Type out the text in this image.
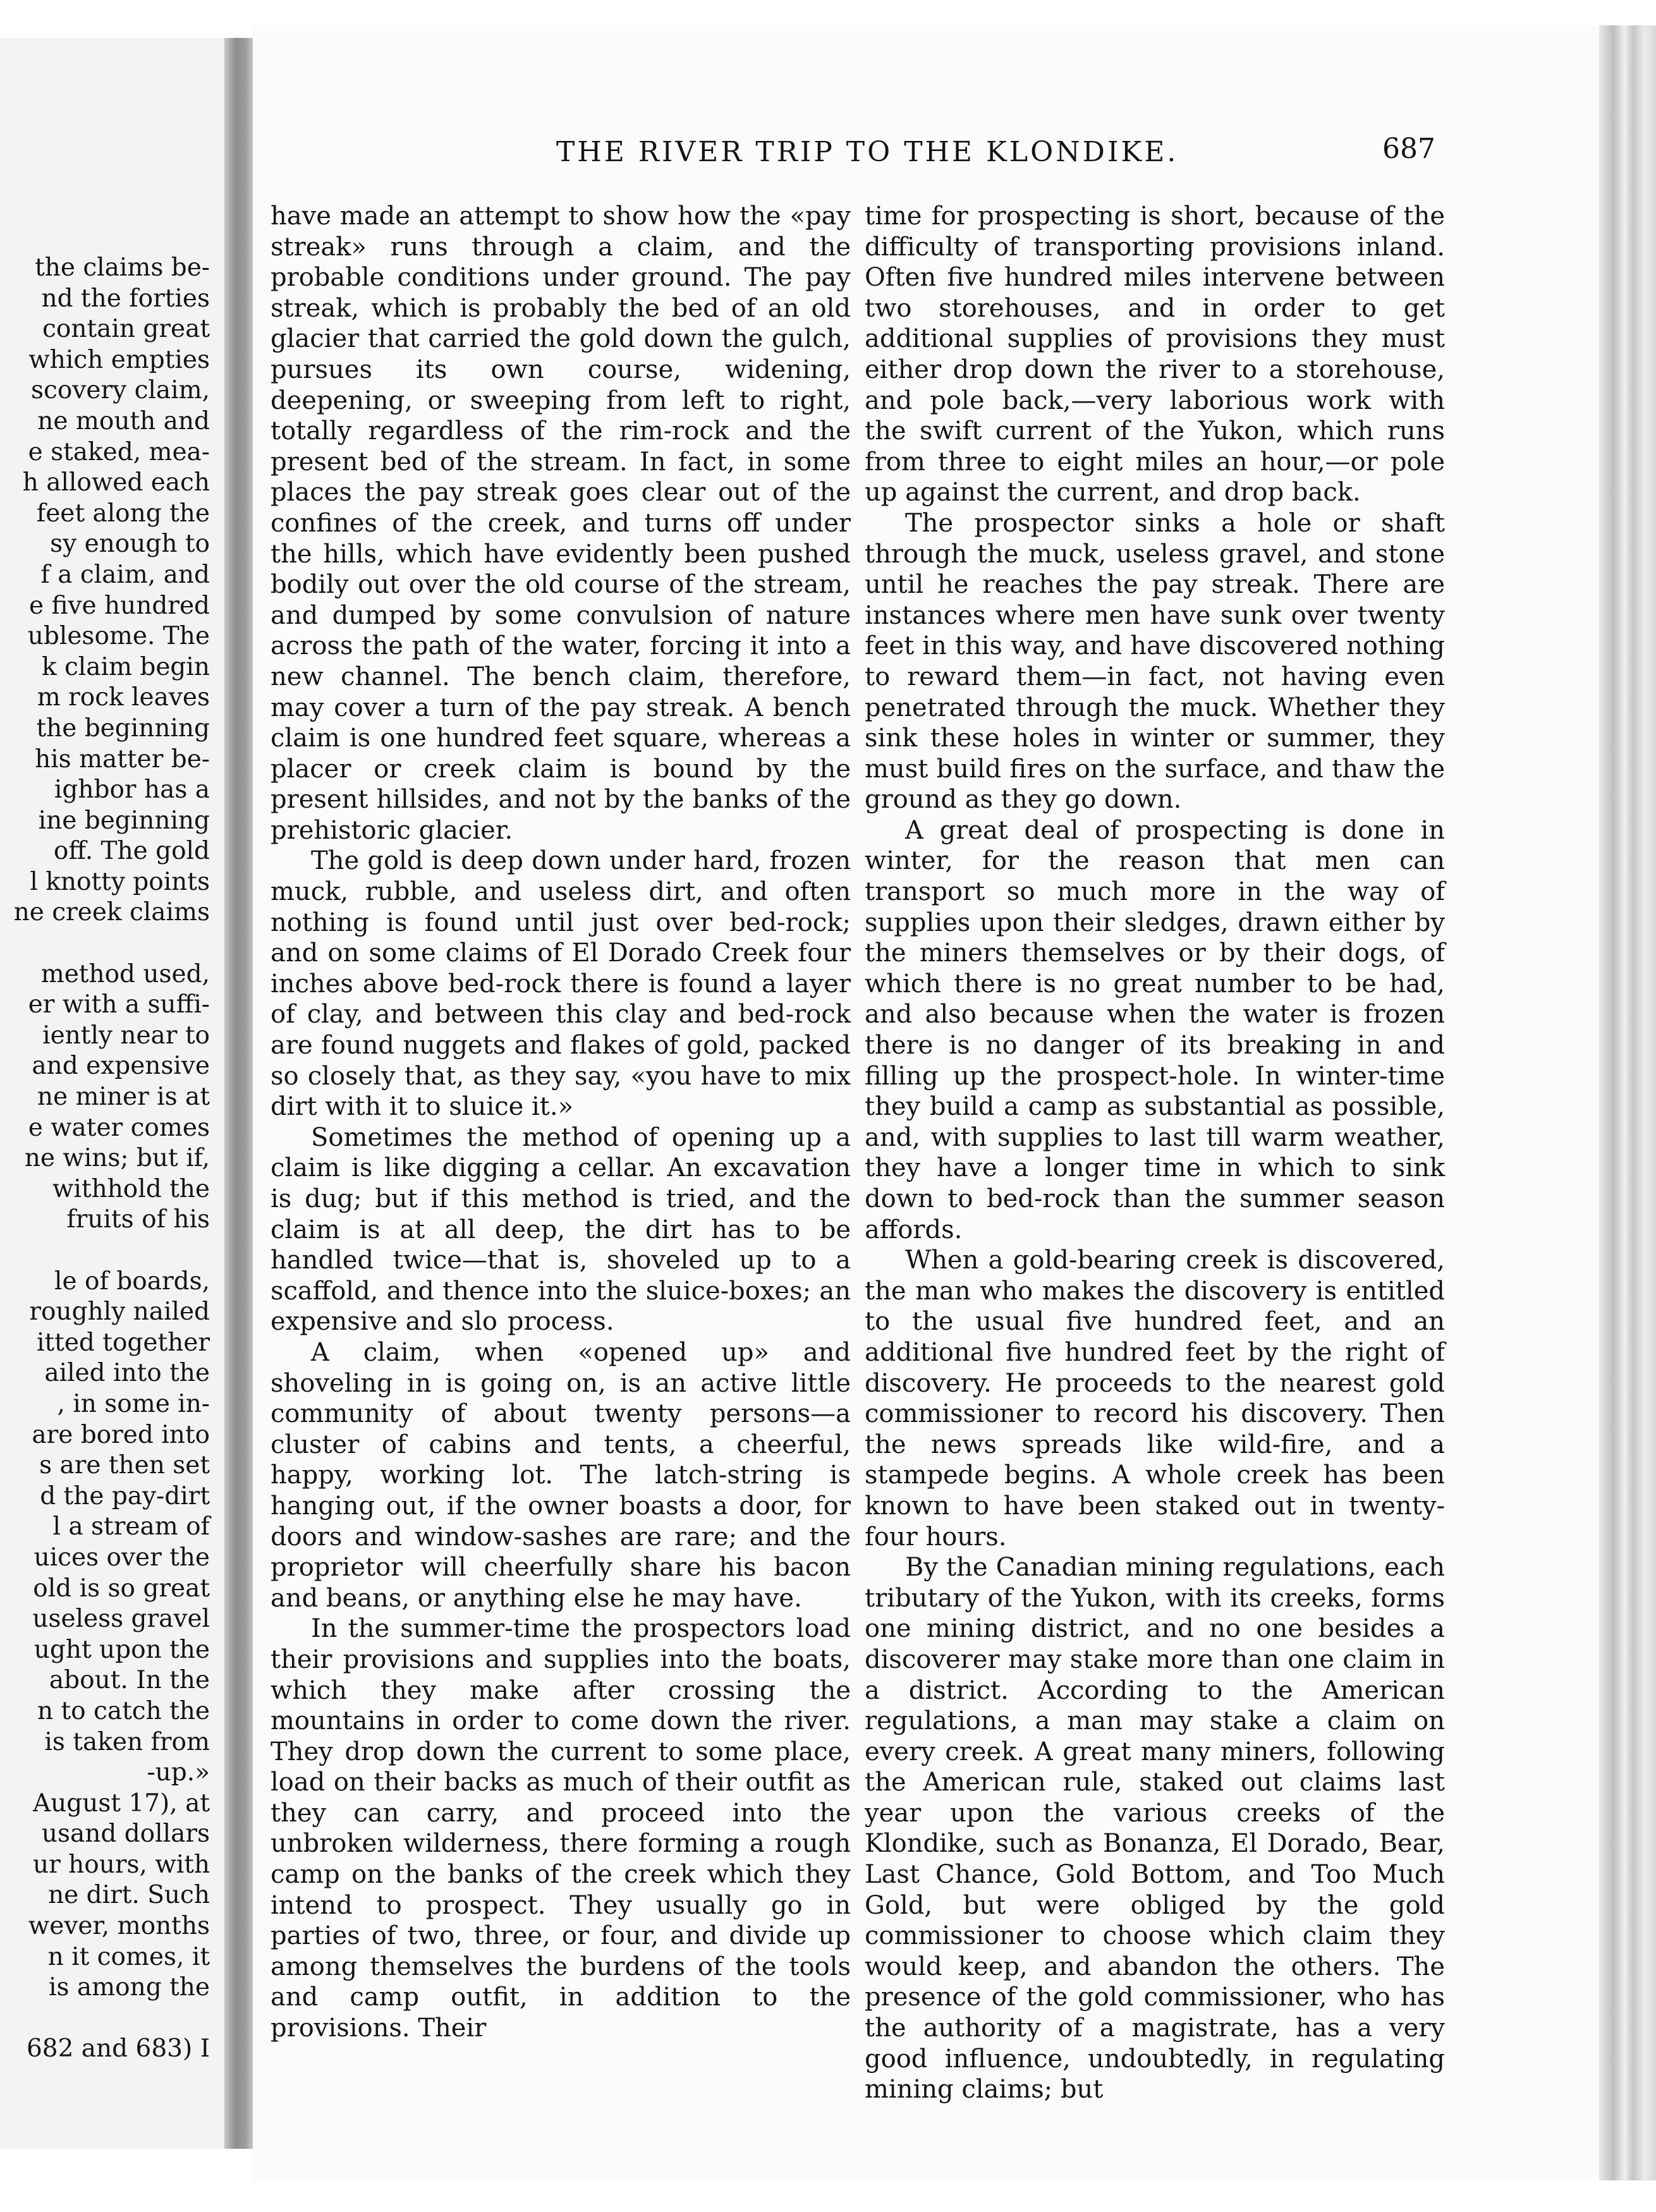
the claims be-
nd the forties
contain great
which empties
scovery claim,
ne mouth and
e staked, mea-
h allowed each
feet along the
sy enough to
f a claim, and
e five hundred
ublesome. The
k claim begin
m rock leaves
the beginning
his matter be-
ighbor has a
ine beginning
off. The gold
l knotty points
ne creek claims
method used,
er with a suffi-
iently near to
and expensive
ne miner is at
e water comes
ne wins; but if,
withhold the
fruits of his
le of boards,
roughly nailed
itted together
ailed into the
, in some in-
are bored into
s are then set
d the pay-dirt
l a stream of
uices over the
old is so great
useless gravel
ught upon the
about. In the
n to catch the
is taken from
-up.»
August 17), at
usand dollars
ur hours, with
ne dirt. Such
wever, months
n it comes, it
is among the
682 and 683) I
THE RIVER TRIP TO THE KLONDIKE.	687

have made an attempt to show how the «pay streak» runs through a claim, and the probable conditions under ground. The pay streak, which is probably the bed of an old glacier that carried the gold down the gulch, pursues its own course, widening, deepening, or sweeping from left to right, totally regardless of the rim-rock and the present bed of the stream. In fact, in some places the pay streak goes clear out of the confines of the creek, and turns off under the hills, which have evidently been pushed bodily out over the old course of the stream, and dumped by some convulsion of nature across the path of the water, forcing it into a new channel. The bench claim, therefore, may cover a turn of the pay streak. A bench claim is one hundred feet square, whereas a placer or creek claim is bound by the present hillsides, and not by the banks of the prehistoric glacier.

The gold is deep down under hard, frozen muck, rubble, and useless dirt, and often nothing is found until just over bed-rock; and on some claims of El Dorado Creek four inches above bed-rock there is found a layer of clay, and between this clay and bed-rock are found nuggets and flakes of gold, packed so closely that, as they say, «you have to mix dirt with it to sluice it.»

Sometimes the method of opening up a claim is like digging a cellar. An excavation is dug; but if this method is tried, and the claim is at all deep, the dirt has to be handled twice—that is, shoveled up to a scaffold, and thence into the sluice-boxes; an expensive and slo  process.

A claim, when «opened up» and shoveling in is going on, is an active little community of about twenty persons—a cluster of cabins and tents, a cheerful, happy, working lot. The latch-string is hanging out, if the owner boasts a door, for doors and window-sashes are rare; and the proprietor will cheerfully share his bacon and beans, or anything else he may have.

In the summer-time the prospectors load their provisions and supplies into the boats, which they make after crossing the mountains in order to come down the river. They drop down the current to some place, load on their backs as much of their outfit as they can carry, and proceed into the unbroken wilderness, there forming a rough camp on the banks of the creek which they intend to prospect. They usually go in parties of two, three, or four, and divide up among themselves the burdens of the tools and camp outfit, in addition to the provisions. Their

time for prospecting is short, because of the difficulty of transporting provisions inland. Often five hundred miles intervene between two storehouses, and in order to get additional supplies of provisions they must either drop down the river to a storehouse, and pole back,—very laborious work with the swift current of the Yukon, which runs from three to eight miles an hour,—or pole up against the current, and drop back.

The prospector sinks a hole or shaft through the muck, useless gravel, and stone until he reaches the pay streak. There are instances where men have sunk over twenty feet in this way, and have discovered nothing to reward them—in fact, not having even penetrated through the muck. Whether they sink these holes in winter or summer, they must build fires on the surface, and thaw the ground as they go down.

A great deal of prospecting is done in winter, for the reason that men can transport so much more in the way of supplies upon their sledges, drawn either by the miners themselves or by their dogs, of which there is no great number to be had, and also because when the water is frozen there is no danger of its breaking in and filling up the prospect-hole. In winter-time they build a camp as substantial as possible, and, with supplies to last till warm weather, they have a longer time in which to sink down to bed-rock than the summer season affords.

When a gold-bearing creek is discovered, the man who makes the discovery is entitled to the usual five hundred feet, and an additional five hundred feet by the right of discovery. He proceeds to the nearest gold commissioner to record his discovery. Then the news spreads like wild-fire, and a stampede begins. A whole creek has been known to have been staked out in twenty-four hours.

By the Canadian mining regulations, each tributary of the Yukon, with its creeks, forms one mining district, and no one besides a discoverer may stake more than one claim in a district. According to the American regulations, a man may stake a claim on every creek. A great many miners, following the American rule, staked out claims last year upon the various creeks of the Klondike, such as Bonanza, El Dorado, Bear, Last Chance, Gold Bottom, and Too Much Gold, but were obliged by the gold commissioner to choose which claim they would keep, and abandon the others. The presence of the gold commissioner, who has the authority of a magistrate, has a very good influence, undoubtedly, in regulating mining claims; but
